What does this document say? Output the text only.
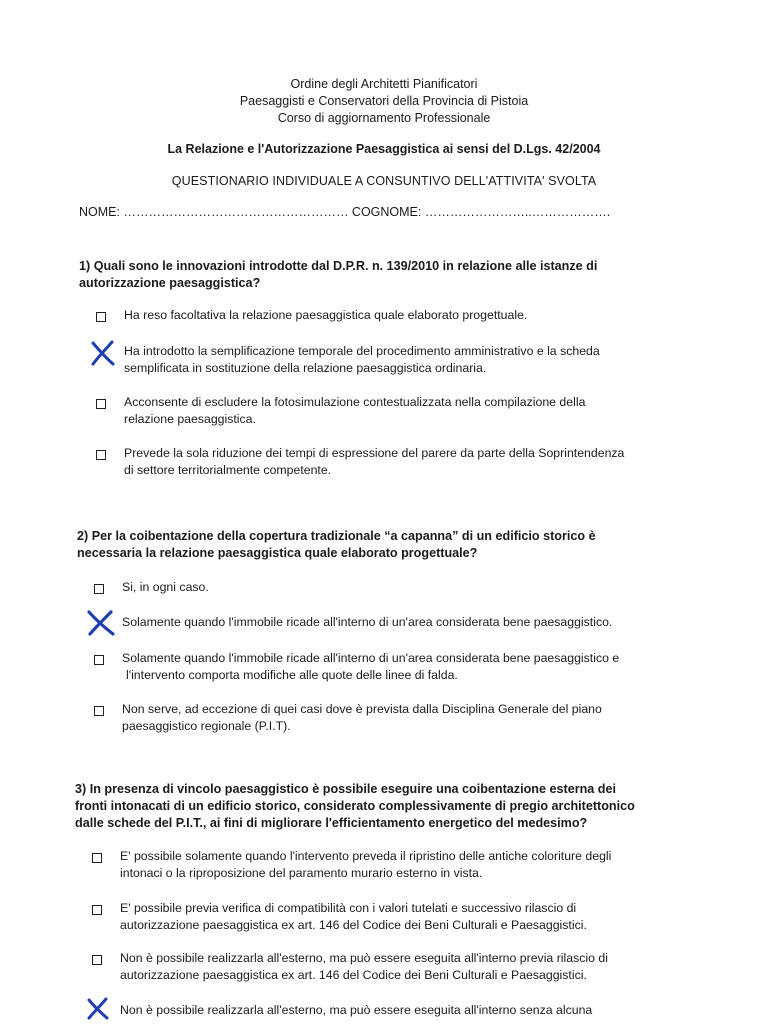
Ordine degli Architetti Pianificatori
Paesaggisti e Conservatori della Provincia di Pistoia
Corso di aggiornamento Professionale
La Relazione e l'Autorizzazione Paesaggistica ai sensi del D.Lgs. 42/2004
QUESTIONARIO INDIVIDUALE A CONSUNTIVO DELL'ATTIVITA' SVOLTA
NOME: ……………………………………………… COGNOME: ……………………..……………….
1) Quali sono le innovazioni introdotte dal D.P.R. n. 139/2010 in relazione alle istanze di
autorizzazione paesaggistica?
Ha reso facoltativa la relazione paesaggistica quale elaborato progettuale.
Ha introdotto la semplificazione temporale del procedimento amministrativo e la scheda
semplificata in sostituzione della relazione paesaggistica ordinaria.
Acconsente di escludere la fotosimulazione contestualizzata nella compilazione della
relazione paesaggistica.
Prevede la sola riduzione dei tempi di espressione del parere da parte della Soprintendenza
di settore territorialmente competente.
2) Per la coibentazione della copertura tradizionale “a capanna” di un edificio storico è
necessaria la relazione paesaggistica quale elaborato progettuale?
Si, in ogni caso.
Solamente quando l'immobile ricade all'interno di un'area considerata bene paesaggistico.
Solamente quando l'immobile ricade all'interno di un'area considerata bene paesaggistico e
l'intervento comporta modifiche alle quote delle linee di falda.
Non serve, ad eccezione di quei casi dove è prevista dalla Disciplina Generale del piano
paesaggistico regionale (P.I.T).
3) In presenza di vincolo paesaggistico è possibile eseguire una coibentazione esterna dei
fronti intonacati di un edificio storico, considerato complessivamente di pregio architettonico
dalle schede del P.I.T., ai fini di migliorare l'efficientamento energetico del medesimo?
E' possibile solamente quando l'intervento preveda il ripristino delle antiche coloriture degli
intonaci o la riproposizione del paramento murario esterno in vista.
E' possibile previa verifica di compatibilità con i valori tutelati e successivo rilascio di
autorizzazione paesaggistica ex art. 146 del Codice dei Beni Culturali e Paesaggistici.
Non è possibile realizzarla all'esterno, ma può essere eseguita all'interno previa rilascio di
autorizzazione paesaggistica ex art. 146 del Codice dei Beni Culturali e Paesaggistici.
Non è possibile realizzarla all'esterno, ma può essere eseguita all'interno senza alcuna
